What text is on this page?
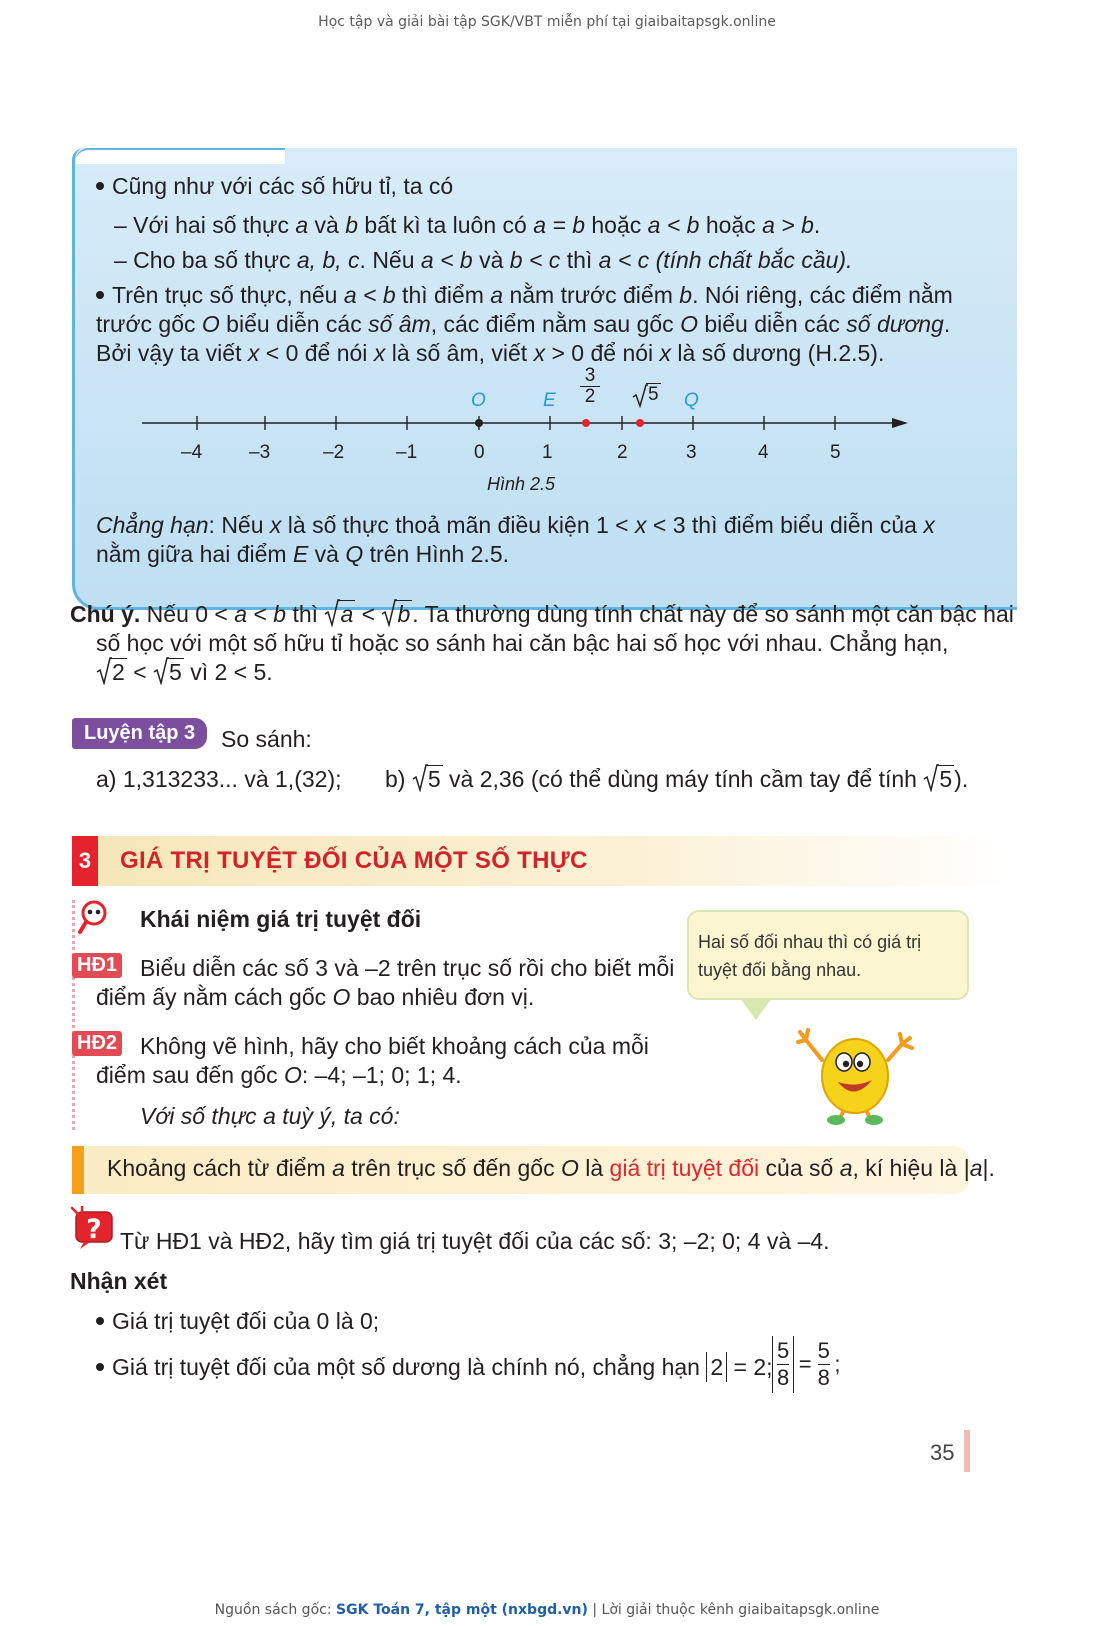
Học tập và giải bài tập SGK/VBT miễn phí tại giaibaitapsgk.online
Cũng như với các số hữu tỉ, ta có
– Với hai số thực a và b bất kì ta luôn có a = b hoặc a < b hoặc a > b.
– Cho ba số thực a, b, c. Nếu a < b và b < c thì a < c (tính chất bắc cầu).
Trên trục số thực, nếu a < b thì điểm a nằm trước điểm b. Nói riêng, các điểm nằm
trước gốc O biểu diễn các số âm, các điểm nằm sau gốc O biểu diễn các số dương.
Bởi vậy ta viết x < 0 để nói x là số âm, viết x > 0 để nói x là số dương (H.2.5).
–4 –3	–2	–1	0	1	2	3	4	5
O	E $\frac{3}{2}$	5 Q
Hình 2.5
Chẳng hạn: Nếu x là số thực thoả mãn điều kiện 1 < x < 3 thì điểm biểu diễn của x
nằm giữa hai điểm E và Q trên Hình 2.5.
Chú ý. Nếu 0 < a < b thì
a < b. Ta thường dùng tính chất này để so sánh một căn bậc hai
số học với một số hữu tỉ hoặc so sánh hai căn bậc hai số học với nhau. Chẳng hạn,
2 < 5 vì 2 < 5.
Luyện tập 3	So sánh:
a) 1,313233... và 1,(32); b)
5 và 2,36 (có thể dùng máy tính cầm tay để tính
5).
3 GIÁ TRỊ TUYỆT ĐỐI CỦA MỘT SỐ THỰC
Khái niệm giá trị tuyệt đối
HĐ1 Biểu diễn các số 3 và –2 trên trục số rồi cho biết mỗi
điểm ấy nằm cách gốc O bao nhiêu đơn vị.
HĐ2 Không vẽ hình, hãy cho biết khoảng cách của mỗi
điểm sau đến gốc O: –4; –1; 0; 1; 4.
Với số thực a tuỳ ý, ta có:
Hai số đối nhau thì có giá trị
tuyệt đối bằng nhau.
Khoảng cách từ điểm a trên trục số đến gốc O là giá trị tuyệt đối của số a, kí hiệu là |a|.
? Từ HĐ1 và HĐ2, hãy tìm giá trị tuyệt đối của các số: 3; –2; 0; 4 và –4.
Nhận xét
Giá trị tuyệt đối của 0 là 0;
Giá trị tuyệt đối của một số dương là chính nó, chẳng hạn 2 = 2; $\frac{5}{8} = \frac{5}{8}$ ;
35
Nguồn sách gốc: SGK Toán 7, tập một (nxbgd.vn) | Lời giải thuộc kênh giaibaitapsgk.online
